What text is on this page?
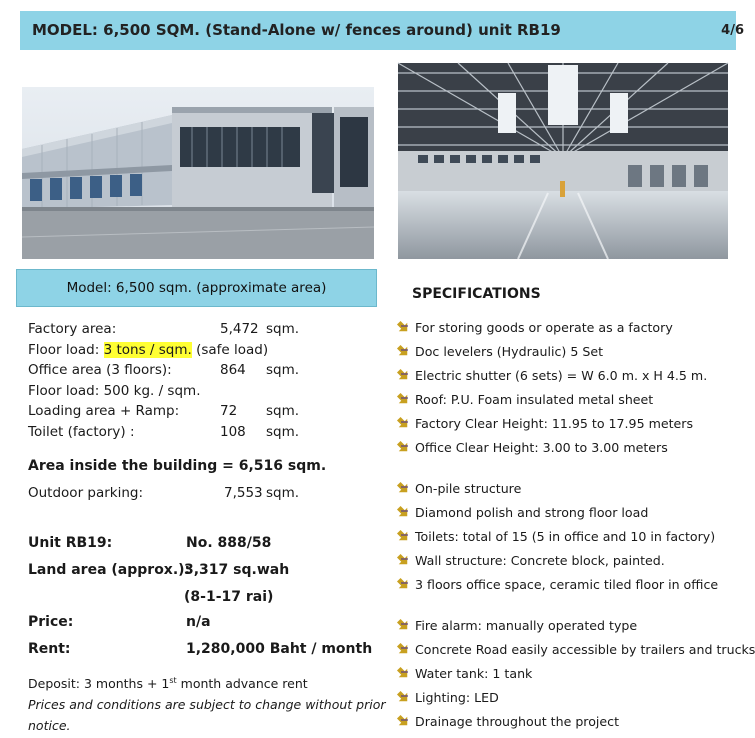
MODEL: 6,500 SQM. (Stand-Alone w/ fences around) unit RB19	4/6
Model: 6,500 sqm. (approximate area)
Factory area:	5,472 sqm.
Floor load: 3 tons / sqm. (safe load)
Office area (3 floors):	864 sqm.
Floor load: 500 kg. / sqm.
Loading area + Ramp:	72 sqm.
Toilet (factory) :	108 sqm.
Area inside the building = 6,516 sqm.
Outdoor parking:	7,553 sqm.
Unit RB19:	No. 888/58
Land area (approx.):
3,317 sq.wah
(8-1-17 rai)
Price:	n/a
Rent:	1,280,000 Baht / month
Deposit: 3 months + 1st month advance rent
Prices and conditions are subject to change without prior
notice.
SPECIFICATIONS
For storing goods or operate as a factory
Doc levelers (Hydraulic) 5 Set
Electric shutter (6 sets) = W 6.0 m. x H 4.5 m.
Roof: P.U. Foam insulated metal sheet
Factory Clear Height: 11.95 to 17.95 meters
Office Clear Height: 3.00 to 3.00 meters
On-pile structure
Diamond polish and strong floor load
Toilets: total of 15 (5 in office and 10 in factory)
Wall structure: Concrete block, painted.
3 floors office space, ceramic tiled floor in office
Fire alarm: manually operated type
Concrete Road easily accessible by trailers and trucks
Water tank: 1 tank
Lighting: LED
Drainage throughout the project
